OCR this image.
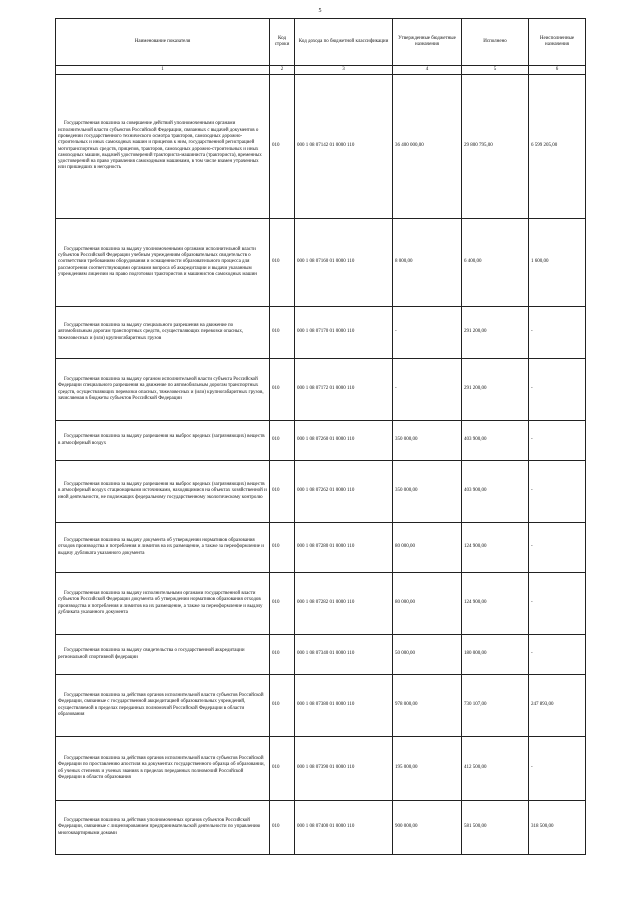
5
Наименование показателя	Код строки	Код дохода по бюджетной классификации	Утвержденные бюджетные назначения	Исполнено	Неисполненные назначения
1	2	3	4	5	6

Государственная пошлина за совершение действий уполномоченными органами исполнительной власти субъектов Российской Федерации, связанных с выдачей документов о проведении государственного технического осмотра тракторов, самоходных дорожно-строительных и иных самоходных машин и прицепов к ним, государственной регистрацией мототранспортных средств, прицепов, тракторов, самоходных дорожно-строительных и иных самоходных машин, выдачей удостоверений тракториста-машиниста (тракториста), временных удостоверений на право управления самоходными машинами, в том числе взамен утраченных или пришедших в негодность	010	000 1 08 07142 01 0000 110	36 400 000,00	29 800 795,00	6 599 205,00

Государственная пошлина за выдачу уполномоченными органами исполнительной власти субъектов Российской Федерации учебным учреждениям образовательных свидетельств о соответствии требованиям оборудования и оснащенности образовательного процесса для рассмотрения соответствующими органами вопроса об аккредитации и выдачи указанным учреждениям лицензии на право подготовки трактористов и машинистов самоходных машин	010	000 1 08 07160 01 0000 110	8 000,00	6 400,00	1 600,00

Государственная пошлина за выдачу специального разрешения на движение по автомобильным дорогам транспортных средств, осуществляющих перевозки опасных, тяжеловесных и (или) крупногабаритных грузов	010	000 1 08 07170 01 0000 110	-	291 200,00	-

Государственная пошлина за выдачу органом исполнительной власти субъекта Российской Федерации специального разрешения на движение по автомобильным дорогам транспортных средств, осуществляющих перевозки опасных, тяжеловесных и (или) крупногабаритных грузов, зачисляемая в бюджеты субъектов Российской Федерации	010	000 1 08 07172 01 0000 110	-	291 200,00	-

Государственная пошлина за выдачу разрешения на выброс вредных (загрязняющих) веществ в атмосферный воздух	010	000 1 08 07260 01 0000 110	350 000,00	403 900,00	-

Государственная пошлина за выдачу разрешения на выброс вредных (загрязняющих) веществ в атмосферный воздух стационарными источниками, находящимися на объектах хозяйственной и иной деятельности, не подлежащих федеральному государственному экологическому контролю	010	000 1 08 07262 01 0000 110	350 000,00	403 900,00	-

Государственная пошлина за выдачу документа об утверждении нормативов образования отходов производства и потребления и лимитов на их размещение, а также за переоформление и выдачу дубликата указанного документа	010	000 1 08 07280 01 0000 110	80 000,00	124 900,00	-

Государственная пошлина за выдачу исполнительными органами государственной власти субъектов Российской Федерации документа об утверждении нормативов образования отходов производства и потребления и лимитов на их размещение, а также за переоформление и выдачу дубликата указанного документа	010	000 1 08 07282 01 0000 110	80 000,00	124 900,00	-

Государственная пошлина за выдачу свидетельства о государственной аккредитации региональной спортивной федерации	010	000 1 08 07340 01 0000 110	50 000,00	180 000,00	-

Государственная пошлина за действия органов исполнительной власти субъектов Российской Федерации, связанные с государственной аккредитацией образовательных учреждений, осуществляемой в пределах переданных полномочий Российской Федерации в области образования	010	000 1 08 07380 01 0000 110	978 000,00	730 107,00	247 893,00

Государственная пошлина за действия органов исполнительной власти субъектов Российской Федерации по проставлению апостиля на документах государственного образца об образовании, об ученых степенях и ученых званиях в пределах переданных полномочий Российской Федерации в области образования	010	000 1 08 07390 01 0000 110	195 000,00	412 500,00	-

Государственная пошлина за действия уполномоченных органов субъектов Российской Федерации, связанные с лицензированием предпринимательской деятельности по управлению многоквартирными домами	010	000 1 08 07400 01 0000 110	900 000,00	581 500,00	318 500,00
